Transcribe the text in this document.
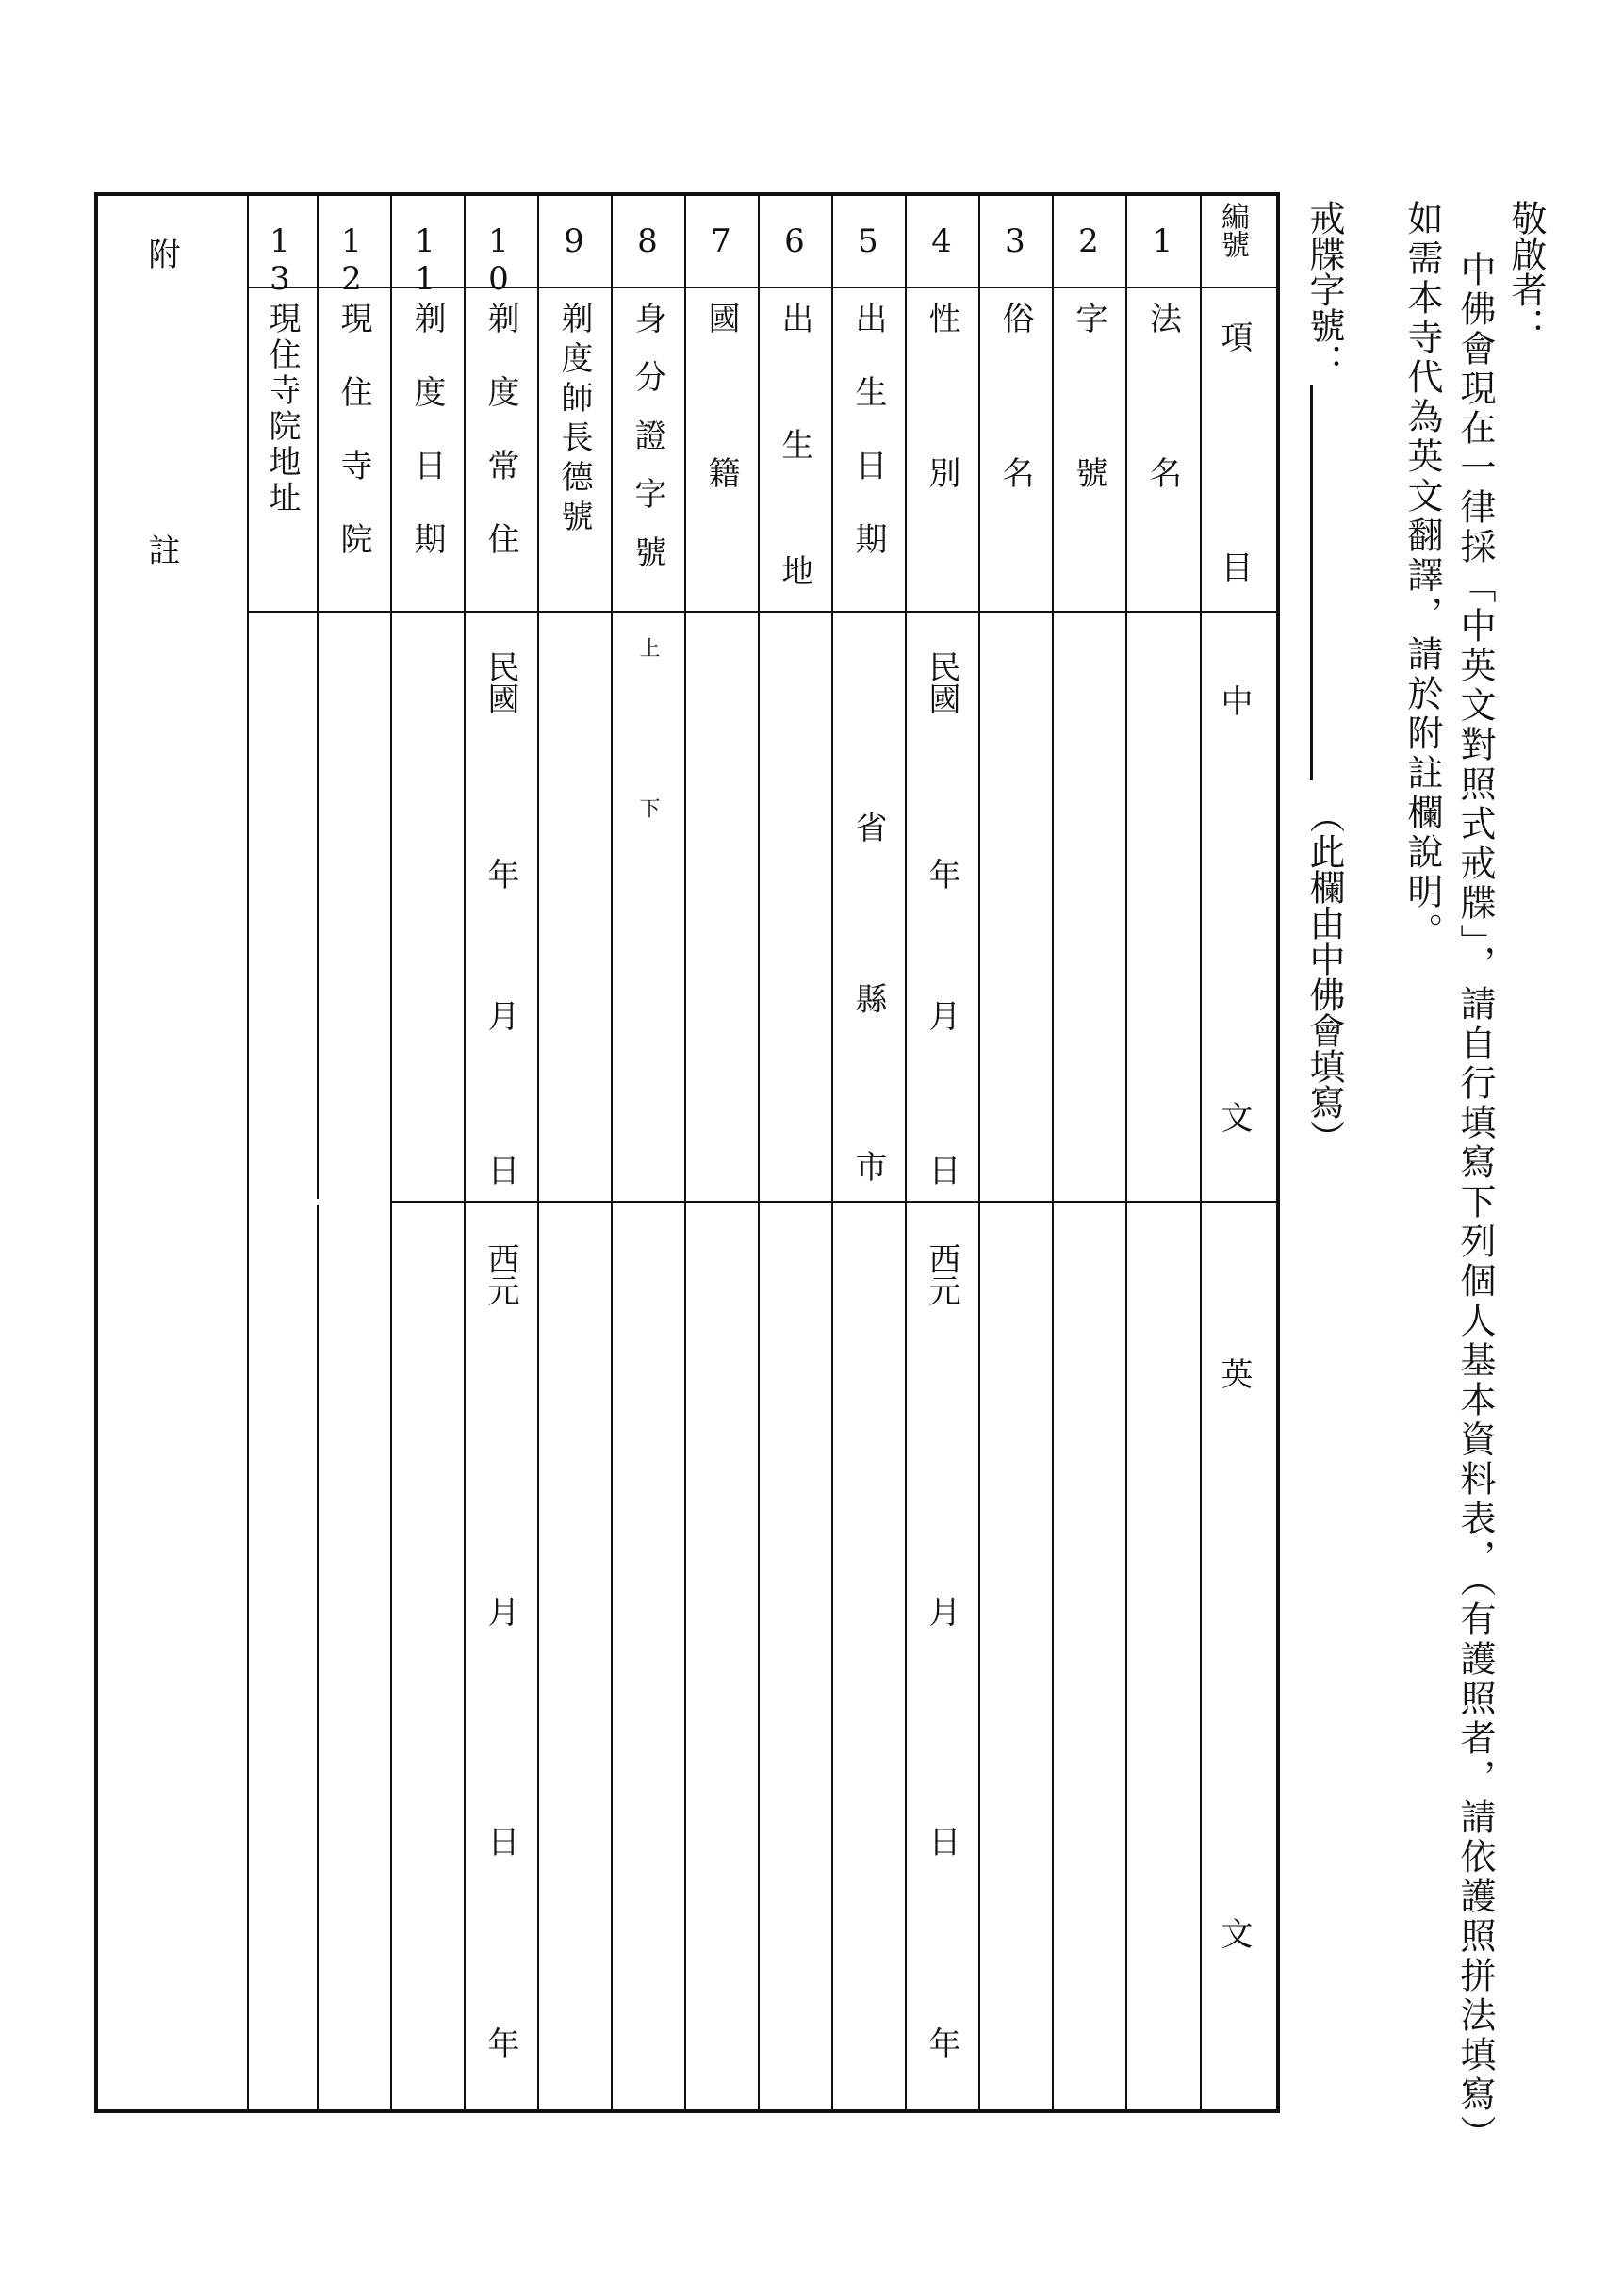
敬啟者：
中佛會現在一律採「中英文對照式戒牒」，請自行填寫下列個人基本資料表，（有護照者，請依護照拼法填寫）
如需本寺代為英文翻譯，請於附註欄說明。
戒牒字號：
（此欄由中佛會填寫）
編號
項
目
中
文
英
文
1
法名
2
字號
3
俗名
4
性別
5
出生日期
6
出生地
7
國籍
8
身分證字號
9
剃度師長德號
10
剃度常住
11
剃度日期
12
現住寺院
13
現住寺院地址
民國
年
月
日
西元
月
日
年
省
縣
市
上
下
民國
年
月
日
西元
月
日
年
附
註
